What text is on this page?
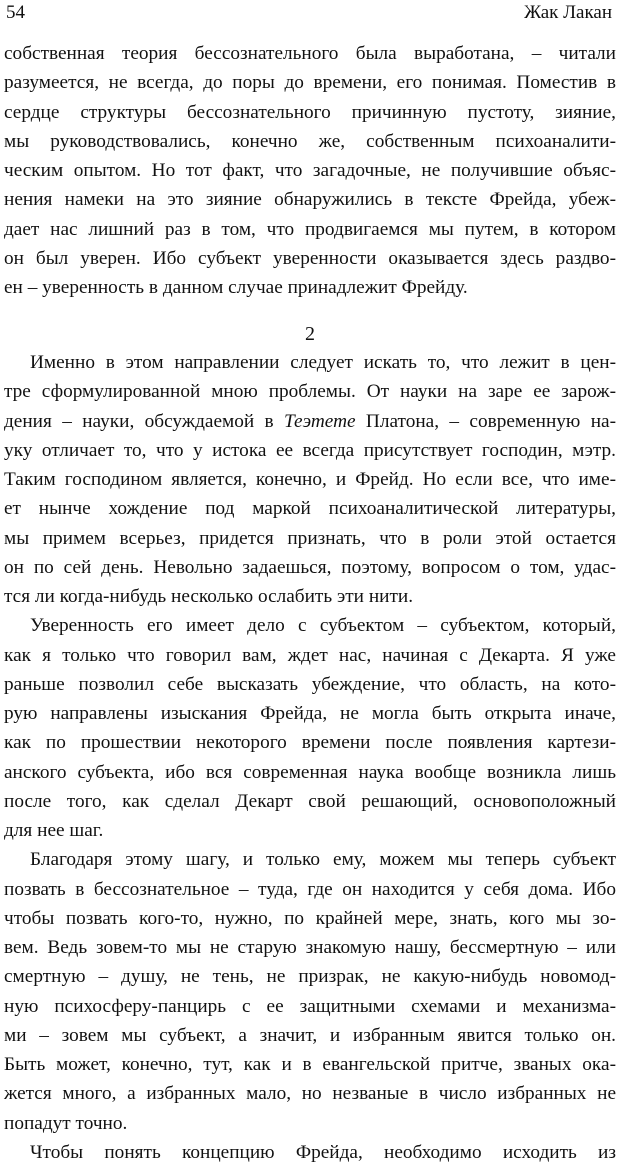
54	Жак Лакан
собственная теория бессознательного была выработана, – читали
разумеется, не всегда, до поры до времени, его понимая. Поместив в
сердце структуры бессознательного причинную пустоту, зияние,
мы руководствовались, конечно же, собственным психоаналити-
ческим опытом. Но тот факт, что загадочные, не получившие объяс-
нения намеки на это зияние обнаружились в тексте Фрейда, убеж-
дает нас лишний раз в том, что продвигаемся мы путем, в котором
он был уверен. Ибо субъект уверенности оказывается здесь раздво-
ен – уверенность в данном случае принадлежит Фрейду.
2
Именно в этом направлении следует искать то, что лежит в цен-
тре сформулированной мною проблемы. От науки на заре ее зарож-
дения – науки, обсуждаемой в Теэтете Платона, – современную на-
уку отличает то, что у истока ее всегда присутствует господин, мэтр.
Таким господином является, конечно, и Фрейд. Но если все, что име-
ет нынче хождение под маркой психоаналитической литературы,
мы примем всерьез, придется признать, что в роли этой остается
он по сей день. Невольно задаешься, поэтому, вопросом о том, удас-
тся ли когда-нибудь несколько ослабить эти нити.
Уверенность его имеет дело с субъектом – субъектом, который,
как я только что говорил вам, ждет нас, начиная с Декарта. Я уже
раньше позволил себе высказать убеждение, что область, на кото-
рую направлены изыскания Фрейда, не могла быть открыта иначе,
как по прошествии некоторого времени после появления картези-
анского субъекта, ибо вся современная наука вообще возникла лишь
после того, как сделал Декарт свой решающий, основоположный
для нее шаг.
Благодаря этому шагу, и только ему, можем мы теперь субъект
позвать в бессознательное – туда, где он находится у себя дома. Ибо
чтобы позвать кого-то, нужно, по крайней мере, знать, кого мы зо-
вем. Ведь зовем-то мы не старую знакомую нашу, бессмертную – или
смертную – душу, не тень, не призрак, не какую-нибудь новомод-
ную психосферу-панцирь с ее защитными схемами и механизма-
ми – зовем мы субъект, а значит, и избранным явится только он.
Быть может, конечно, тут, как и в евангельской притче, званых ока-
жется много, а избранных мало, но незваные в число избранных не
попадут точно.
Чтобы понять концепцию Фрейда, необходимо исходить из
